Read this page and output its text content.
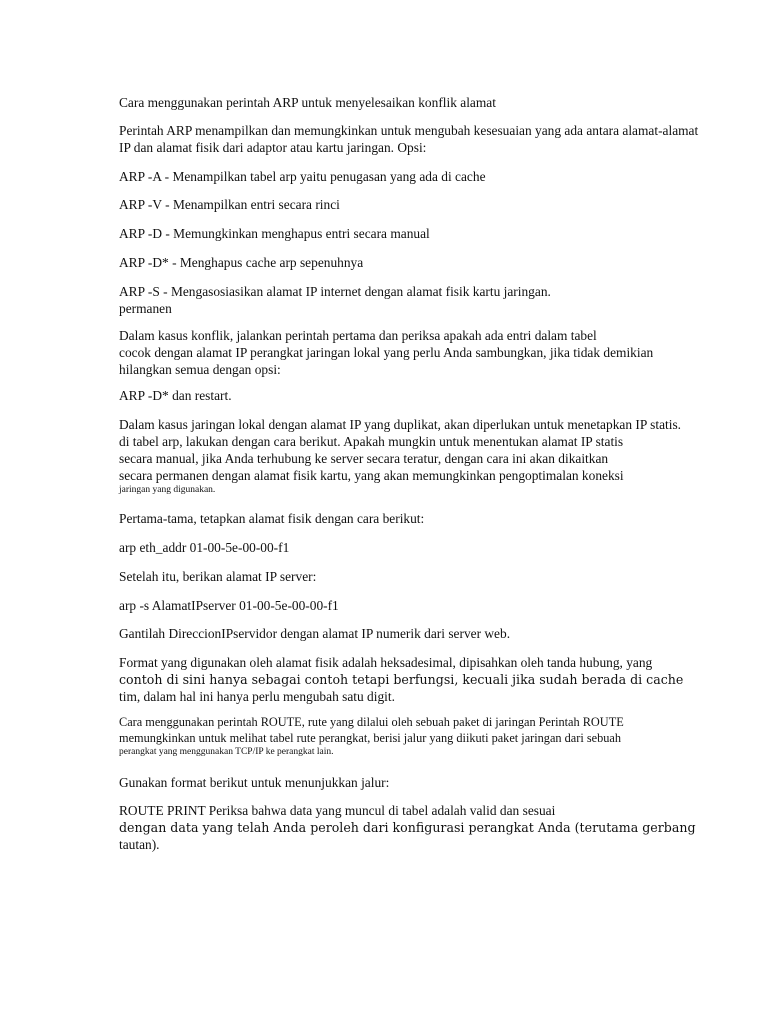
Cara menggunakan perintah ARP untuk menyelesaikan konflik alamat

Perintah ARP menampilkan dan memungkinkan untuk mengubah kesesuaian yang ada antara alamat-alamat
IP dan alamat fisik dari adaptor atau kartu jaringan. Opsi:

ARP -A - Menampilkan tabel arp yaitu penugasan yang ada di cache

ARP -V - Menampilkan entri secara rinci

ARP -D - Memungkinkan menghapus entri secara manual

ARP -D* - Menghapus cache arp sepenuhnya

ARP -S - Mengasosiasikan alamat IP internet dengan alamat fisik kartu jaringan.
permanen

Dalam kasus konflik, jalankan perintah pertama dan periksa apakah ada entri dalam tabel
cocok dengan alamat IP perangkat jaringan lokal yang perlu Anda sambungkan, jika tidak demikian
hilangkan semua dengan opsi:

ARP -D* dan restart.

Dalam kasus jaringan lokal dengan alamat IP yang duplikat, akan diperlukan untuk menetapkan IP statis.
di tabel arp, lakukan dengan cara berikut. Apakah mungkin untuk menentukan alamat IP statis
secara manual, jika Anda terhubung ke server secara teratur, dengan cara ini akan dikaitkan
secara permanen dengan alamat fisik kartu, yang akan memungkinkan pengoptimalan koneksi
jaringan yang digunakan.

Pertama-tama, tetapkan alamat fisik dengan cara berikut:

arp eth_addr 01-00-5e-00-00-f1

Setelah itu, berikan alamat IP server:

arp -s AlamatIPserver 01-00-5e-00-00-f1

Gantilah DireccionIPservidor dengan alamat IP numerik dari server web.

Format yang digunakan oleh alamat fisik adalah heksadesimal, dipisahkan oleh tanda hubung, yang
contoh di sini hanya sebagai contoh tetapi berfungsi, kecuali jika sudah berada di cache
tim, dalam hal ini hanya perlu mengubah satu digit.

Cara menggunakan perintah ROUTE, rute yang dilalui oleh sebuah paket di jaringan Perintah ROUTE
memungkinkan untuk melihat tabel rute perangkat, berisi jalur yang diikuti paket jaringan dari sebuah
perangkat yang menggunakan TCP/IP ke perangkat lain.

Gunakan format berikut untuk menunjukkan jalur:

ROUTE PRINT Periksa bahwa data yang muncul di tabel adalah valid dan sesuai
dengan data yang telah Anda peroleh dari konfigurasi perangkat Anda (terutama gerbang
tautan).
